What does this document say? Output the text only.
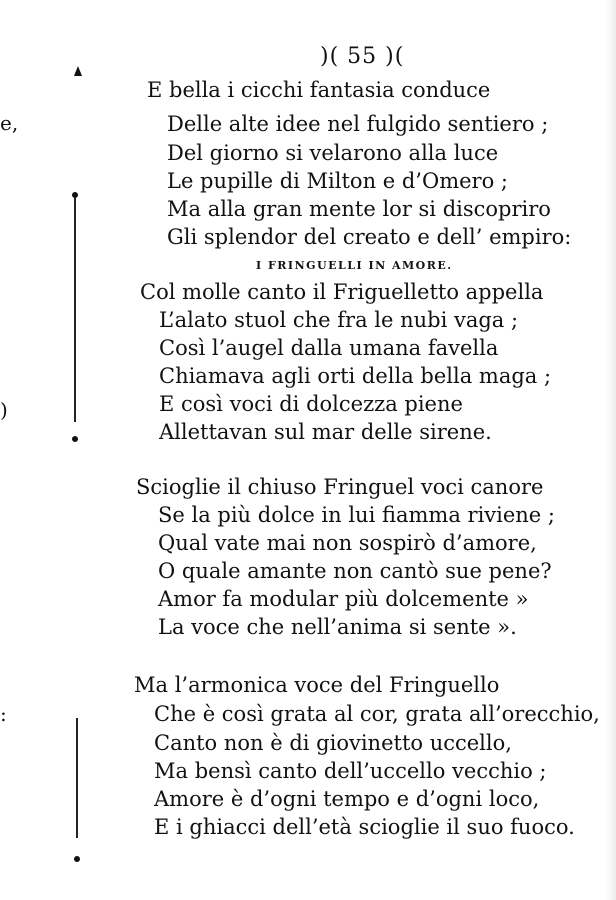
e,
)
:
)( 55 )(
E bella i cicchi fantasia conduce
Delle alte idee nel fulgido sentiero ;
Del giorno si velarono alla luce
Le pupille di Milton e d’Omero ;
Ma alla gran mente lor si discopriro
Gli splendor del creato e dell’ empiro:
I FRINGUELLI IN AMORE.
Col molle canto il Friguelletto appella
L’alato stuol che fra le nubi vaga ;
Così l’augel dalla umana favella
Chiamava agli orti della bella maga ;
E così voci di dolcezza piene
Allettavan sul mar delle sirene.
Scioglie il chiuso Fringuel voci canore
Se la più dolce in lui fiamma riviene ;
Qual vate mai non sospirò d’amore,
O quale amante non cantò sue pene?
Amor fa modular più dolcemente »
La voce che nell’anima si sente ».
Ma l’armonica voce del Fringuello
Che è così grata al cor, grata all’orecchio,
Canto non è di giovinetto uccello,
Ma bensì canto dell’uccello vecchio ;
Amore è d’ogni tempo e d’ogni loco,
E i ghiacci dell’età scioglie il suo fuoco.
